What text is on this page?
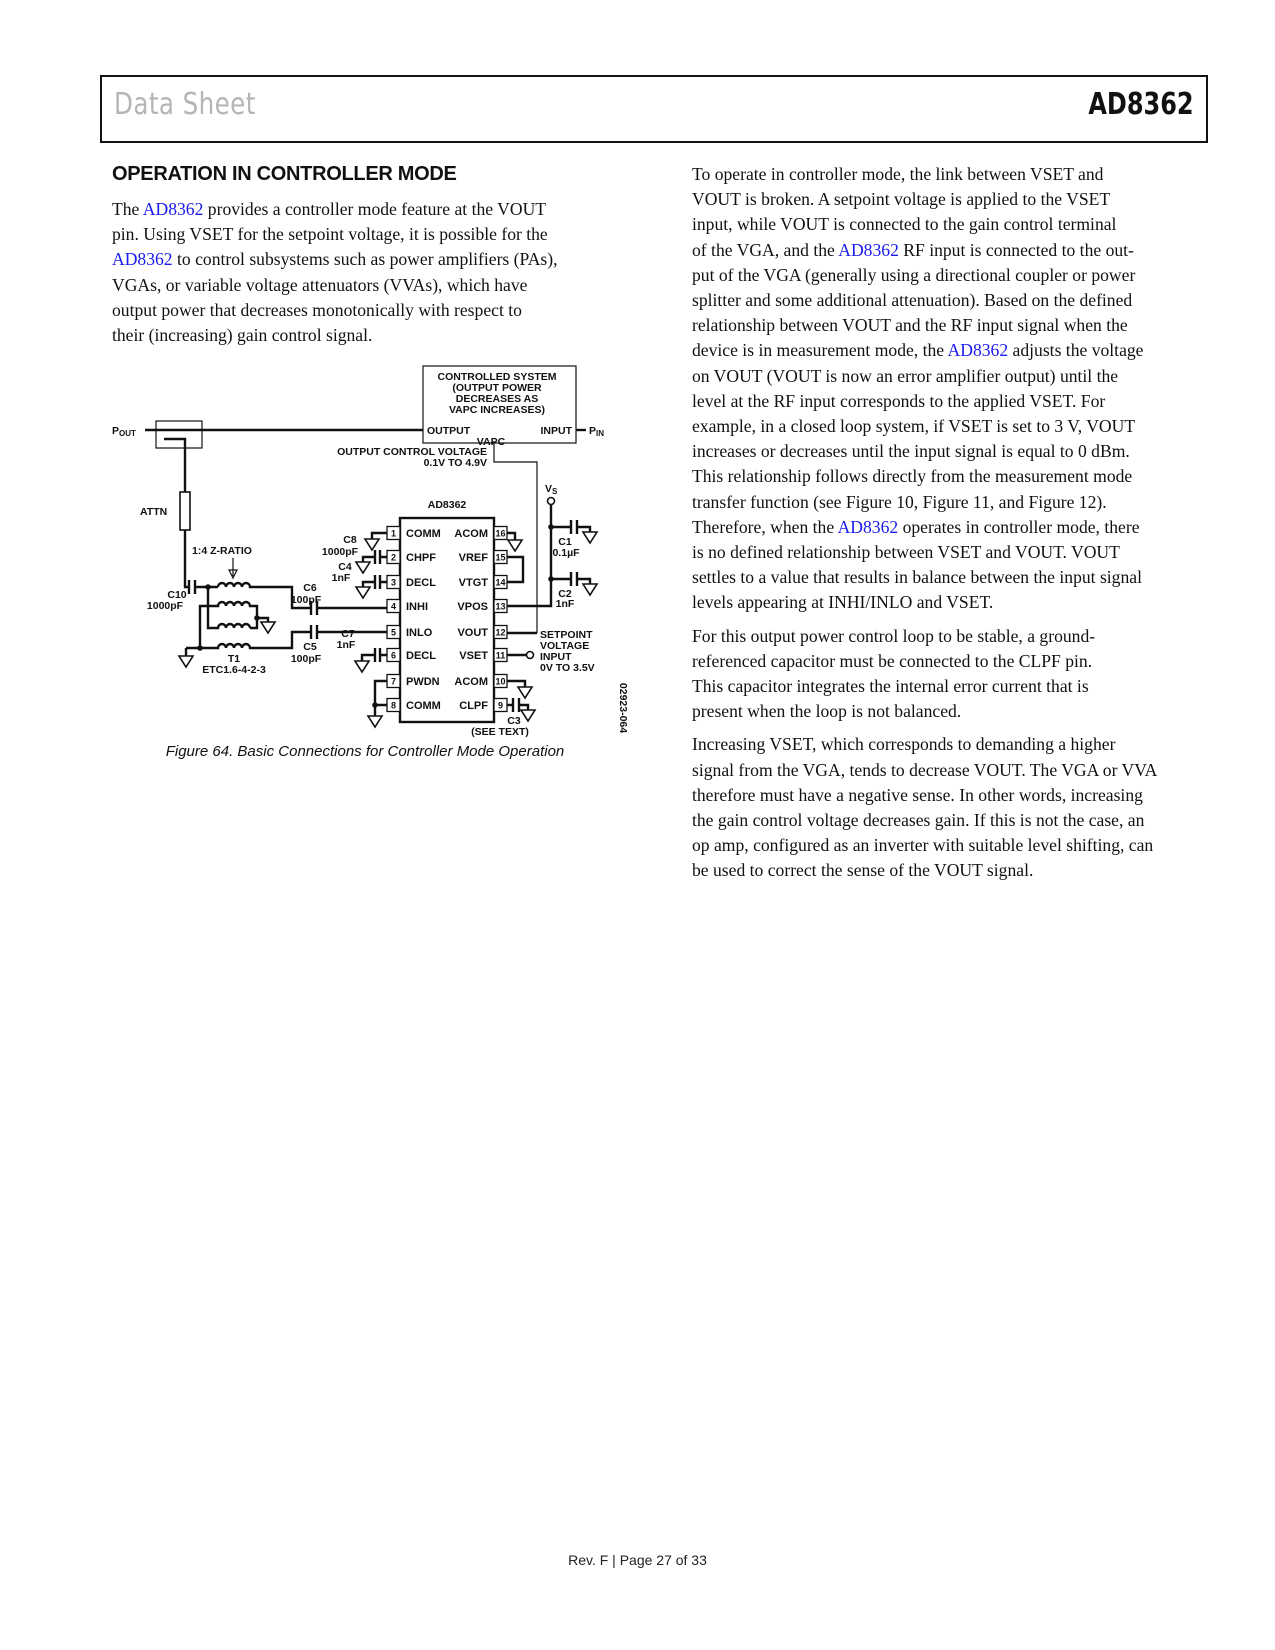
Data Sheet	AD8362
OPERATION IN CONTROLLER MODE
The AD8362 provides a controller mode feature at the VOUT
pin. Using VSET for the setpoint voltage, it is possible for the
AD8362 to control subsystems such as power amplifiers (PAs),
VGAs, or variable voltage attenuators (VVAs), which have
output power that decreases monotonically with respect to
their (increasing) gain control signal.
To operate in controller mode, the link between VSET and
VOUT is broken. A setpoint voltage is applied to the VSET
input, while VOUT is connected to the gain control terminal
of the VGA, and the AD8362 RF input is connected to the out-
put of the VGA (generally using a directional coupler or power
splitter and some additional attenuation). Based on the defined
relationship between VOUT and the RF input signal when the
device is in measurement mode, the AD8362 adjusts the voltage
on VOUT (VOUT is now an error amplifier output) until the
level at the RF input corresponds to the applied VSET. For
example, in a closed loop system, if VSET is set to 3 V, VOUT
increases or decreases until the input signal is equal to 0 dBm.
This relationship follows directly from the measurement mode
transfer function (see Figure 10, Figure 11, and Figure 12).
Therefore, when the AD8362 operates in controller mode, there
is no defined relationship between VSET and VOUT. VOUT
settles to a value that results in balance between the input signal
levels appearing at INHI/INLO and VSET.
For this output power control loop to be stable, a ground-
referenced capacitor must be connected to the CLPF pin.
This capacitor integrates the internal error current that is
present when the loop is not balanced.
Increasing VSET, which corresponds to demanding a higher
signal from the VGA, tends to decrease VOUT. The VGA or VVA
therefore must have a negative sense. In other words, increasing
the gain control voltage decreases gain. If this is not the case, an
op amp, configured as an inverter with suitable level shifting, can
be used to correct the sense of the VOUT signal.
CONTROLLED SYSTEM
(OUTPUT POWER
DECREASES AS
VAPC INCREASES)
OUTPUT
VAPC
INPUT PIN
POUT
ATTN
C10
1000pF
1:4 Z-RATIO
C6
100pF
C5
100pF
T1
ETC1.6-4-2-3
AD8362
1 COMM
2 CHPF
3 DECL
4 INHI
5 INLO
6 DECL
7 PWDN
8 COMM
16
ACOM
15
VREF
14
VTGT
13
VPOS
12
VOUT
11
VSET
10
ACOM
9
CLPF
C8
1000pF
C4
1nF
C7
1nF
VS
C1
0.1µF
C2
1nF
OUTPUT CONTROL VOLTAGE
0.1V TO 4.9V
SETPOINT
VOLTAGE
INPUT
0V TO 3.5V
C3
(SEE TEXT)	02923-064
Figure 64. Basic Connections for Controller Mode Operation
Rev. F | Page 27 of 33
